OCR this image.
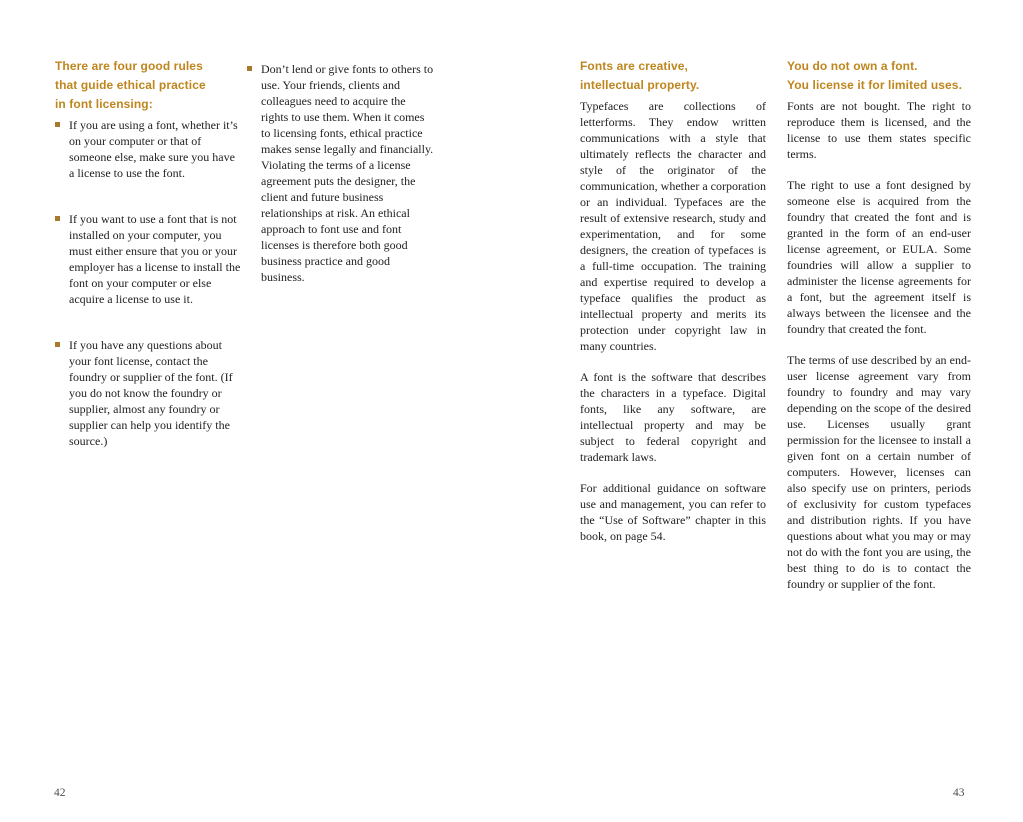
There are four good rules
that guide ethical practice
in font licensing:
If you are using a font, whether it’s on your computer or that of someone else, make sure you have a license to use the font.
If you want to use a font that is not installed on your computer, you must either ensure that you or your employer has a license to install the font on your computer or else acquire a license to use it.
If you have any questions about your font license, contact the foundry or supplier of the font. (If you do not know the foundry or supplier, almost any foundry or supplier can help you identify the source.)
Don’t lend or give fonts to others to use. Your friends, clients and colleagues need to acquire the rights to use them. When it comes to licensing fonts, ethical practice makes sense legally and financially. Violating the terms of a license agreement puts the designer, the client and future business relationships at risk. An ethical approach to font use and font licenses is therefore both good business practice and good business.
Fonts are creative,
intellectual property.

Typefaces are collections of letterforms. They endow written communications with a style that ultimately reflects the character and style of the originator of the communication, whether a corporation or an individual. Typefaces are the result of extensive research, study and experimentation, and for some designers, the creation of typefaces is a full-time occupation. The training and expertise required to develop a typeface qualifies the product as intellectual property and merits its protection under copyright law in many countries.

A font is the software that describes the characters in a typeface. Digital fonts, like any software, are intellectual property and may be subject to federal copyright and trademark laws.

For additional guidance on software use and management, you can refer to the “Use of Software” chapter in this book, on page 54.

You do not own a font.
You license it for limited uses.

Fonts are not bought. The right to reproduce them is licensed, and the license to use them states specific terms.

The right to use a font designed by someone else is acquired from the foundry that created the font and is granted in the form of an end-user license agreement, or EULA. Some foundries will allow a supplier to administer the license agreements for a font, but the agreement itself is always between the licensee and the foundry that created the font.

The terms of use described by an end-user license agreement vary from foundry to foundry and may vary depending on the scope of the desired use. Licenses usually grant permission for the licensee to install a given font on a certain number of computers. However, licenses can also specify use on printers, periods of exclusivity for custom typefaces and distribution rights. If you have questions about what you may or may not do with the font you are using, the best thing to do is to contact the foundry or supplier of the font.

42	43
